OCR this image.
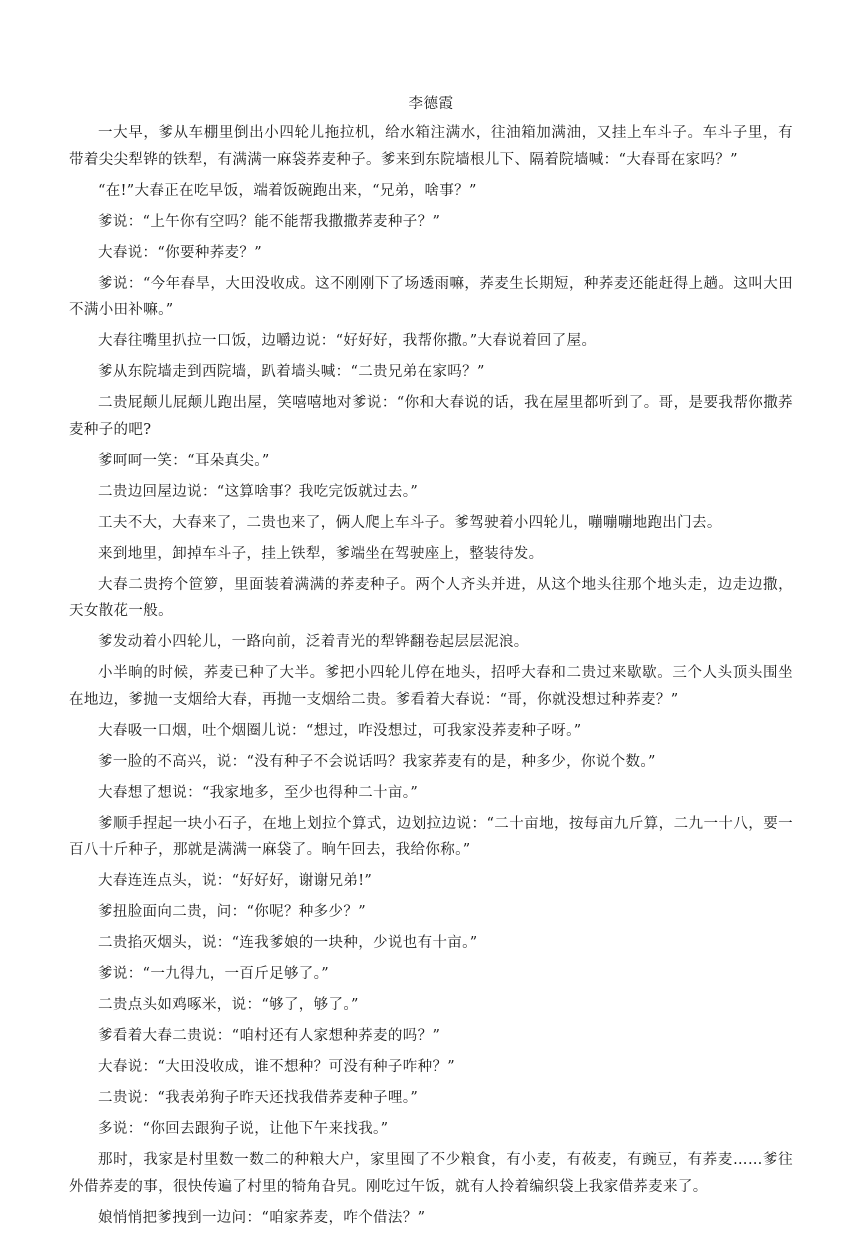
李德霞

一大早，爹从车棚里倒出小四轮儿拖拉机，给水箱注满水，往油箱加满油，又挂上车斗子。车斗子里，有带着尖尖犁铧的铁犁，有满满一麻袋荞麦种子。爹来到东院墙根儿下、隔着院墙喊：“大春哥在家吗？”

“在!”大春正在吃早饭，端着饭碗跑出来，“兄弟，啥事？”

爹说：“上午你有空吗？能不能帮我撒撒荞麦种子？”

大春说：“你要种荞麦？”

爹说：“今年春旱，大田没收成。这不刚刚下了场透雨嘛，荞麦生长期短，种荞麦还能赶得上趟。这叫大田不满小田补嘛。”

大春往嘴里扒拉一口饭，边嚼边说：“好好好，我帮你撒。”大春说着回了屋。

爹从东院墙走到西院墙，趴着墙头喊：“二贵兄弟在家吗？”

二贵屁颠儿屁颠儿跑出屋，笑嘻嘻地对爹说：“你和大春说的话，我在屋里都听到了。哥，是要我帮你撒荞麦种子的吧?

爹呵呵一笑：“耳朵真尖。”

二贵边回屋边说：“这算啥事？我吃完饭就过去。”

工夫不大，大春来了，二贵也来了，俩人爬上车斗子。爹驾驶着小四轮儿，嘣嘣嘣地跑出门去。

来到地里，卸掉车斗子，挂上铁犁，爹端坐在驾驶座上，整装待发。

大春二贵挎个笸箩，里面装着满满的荞麦种子。两个人齐头并进，从这个地头往那个地头走，边走边撒，天女散花一般。

爹发动着小四轮儿，一路向前，泛着青光的犁铧翻卷起层层泥浪。

小半晌的时候，荞麦已种了大半。爹把小四轮儿停在地头，招呼大春和二贵过来歇歇。三个人头顶头围坐在地边，爹抛一支烟给大春，再抛一支烟给二贵。爹看着大春说：“哥，你就没想过种荞麦？”

大春吸一口烟，吐个烟圈儿说：“想过，咋没想过，可我家没荞麦种子呀。”

爹一脸的不高兴，说：“没有种子不会说话吗？我家荞麦有的是，种多少，你说个数。”

大春想了想说：“我家地多，至少也得种二十亩。”

爹顺手捏起一块小石子，在地上划拉个算式，边划拉边说：“二十亩地，按每亩九斤算，二九一十八，要一百八十斤种子，那就是满满一麻袋了。晌午回去，我给你称。”

大春连连点头，说：“好好好，谢谢兄弟!”

爹扭脸面向二贵，问：“你呢？种多少？”

二贵掐灭烟头，说：“连我爹娘的一块种，少说也有十亩。”

爹说：“一九得九，一百斤足够了。”

二贵点头如鸡啄米，说：“够了，够了。”

爹看着大春二贵说：“咱村还有人家想种荞麦的吗？”

大春说：“大田没收成，谁不想种？可没有种子咋种？”

二贵说：“我表弟狗子昨天还找我借荞麦种子哩。”

多说：“你回去跟狗子说，让他下午来找我。”

那时，我家是村里数一数二的种粮大户，家里囤了不少粮食，有小麦，有莜麦，有豌豆，有荞麦……爹往外借荞麦的事，很快传遍了村里的犄角旮旯。刚吃过午饭，就有人拎着编织袋上我家借荞麦来了。

娘悄悄把爹拽到一边问：“咱家荞麦，咋个借法？”
